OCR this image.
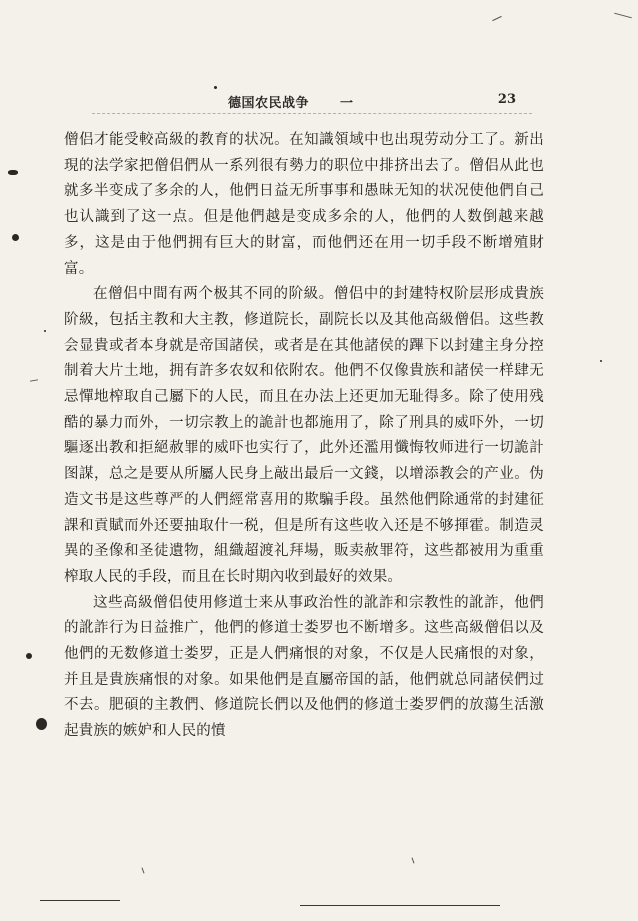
德国农民战争 一	23

僧侣才能受較高級的教育的状况。在知識領域中也出現劳动分工了。新出現的法学家把僧侣們从一系列很有勢力的职位中排挤出去了。僧侣从此也就多半变成了多余的人，他們日益无所事事和愚昧无知的状况使他們自己也认識到了这一点。但是他們越是变成多余的人，他們的人数倒越来越多，这是由于他們拥有巨大的財富，而他們还在用一切手段不断增殖財富。

在僧侣中間有两个极其不同的阶級。僧侣中的封建特权阶层形成貴族阶級，包括主教和大主教，修道院长，副院长以及其他高級僧侣。这些教会显貴或者本身就是帝国諸侯，或者是在其他諸侯的蹕下以封建主身分控制着大片土地，拥有許多农奴和依附农。他們不仅像貴族和諸侯一样肆无忌憚地榨取自己屬下的人民，而且在办法上还更加无耻得多。除了使用残酷的暴力而外，一切宗教上的詭計也都施用了，除了刑具的威吓外，一切驅逐出教和拒絕赦罪的威吓也实行了，此外还濫用懺悔牧师进行一切詭計图謀，总之是要从所屬人民身上敲出最后一文錢，以增添教会的产业。伪造文书是这些尊严的人們經常喜用的欺騙手段。虽然他們除通常的封建征課和貢賦而外还要抽取什一税，但是所有这些收入还是不够揮霍。制造灵異的圣像和圣徒遺物，組織超渡礼拜場，販卖赦罪符，这些都被用为重重榨取人民的手段，而且在长时期內收到最好的效果。

这些高級僧侣使用修道士来从事政治性的訛詐和宗教性的訛詐，他們的訛詐行为日益推广，他們的修道士娄罗也不断增多。这些高級僧侣以及他們的无数修道士娄罗，正是人們痛恨的对象，不仅是人民痛恨的对象，并且是貴族痛恨的对象。如果他們是直屬帝国的話，他們就总同諸侯們过不去。肥碩的主教們、修道院长們以及他們的修道士娄罗們的放蕩生活激起貴族的嫉妒和人民的憤
